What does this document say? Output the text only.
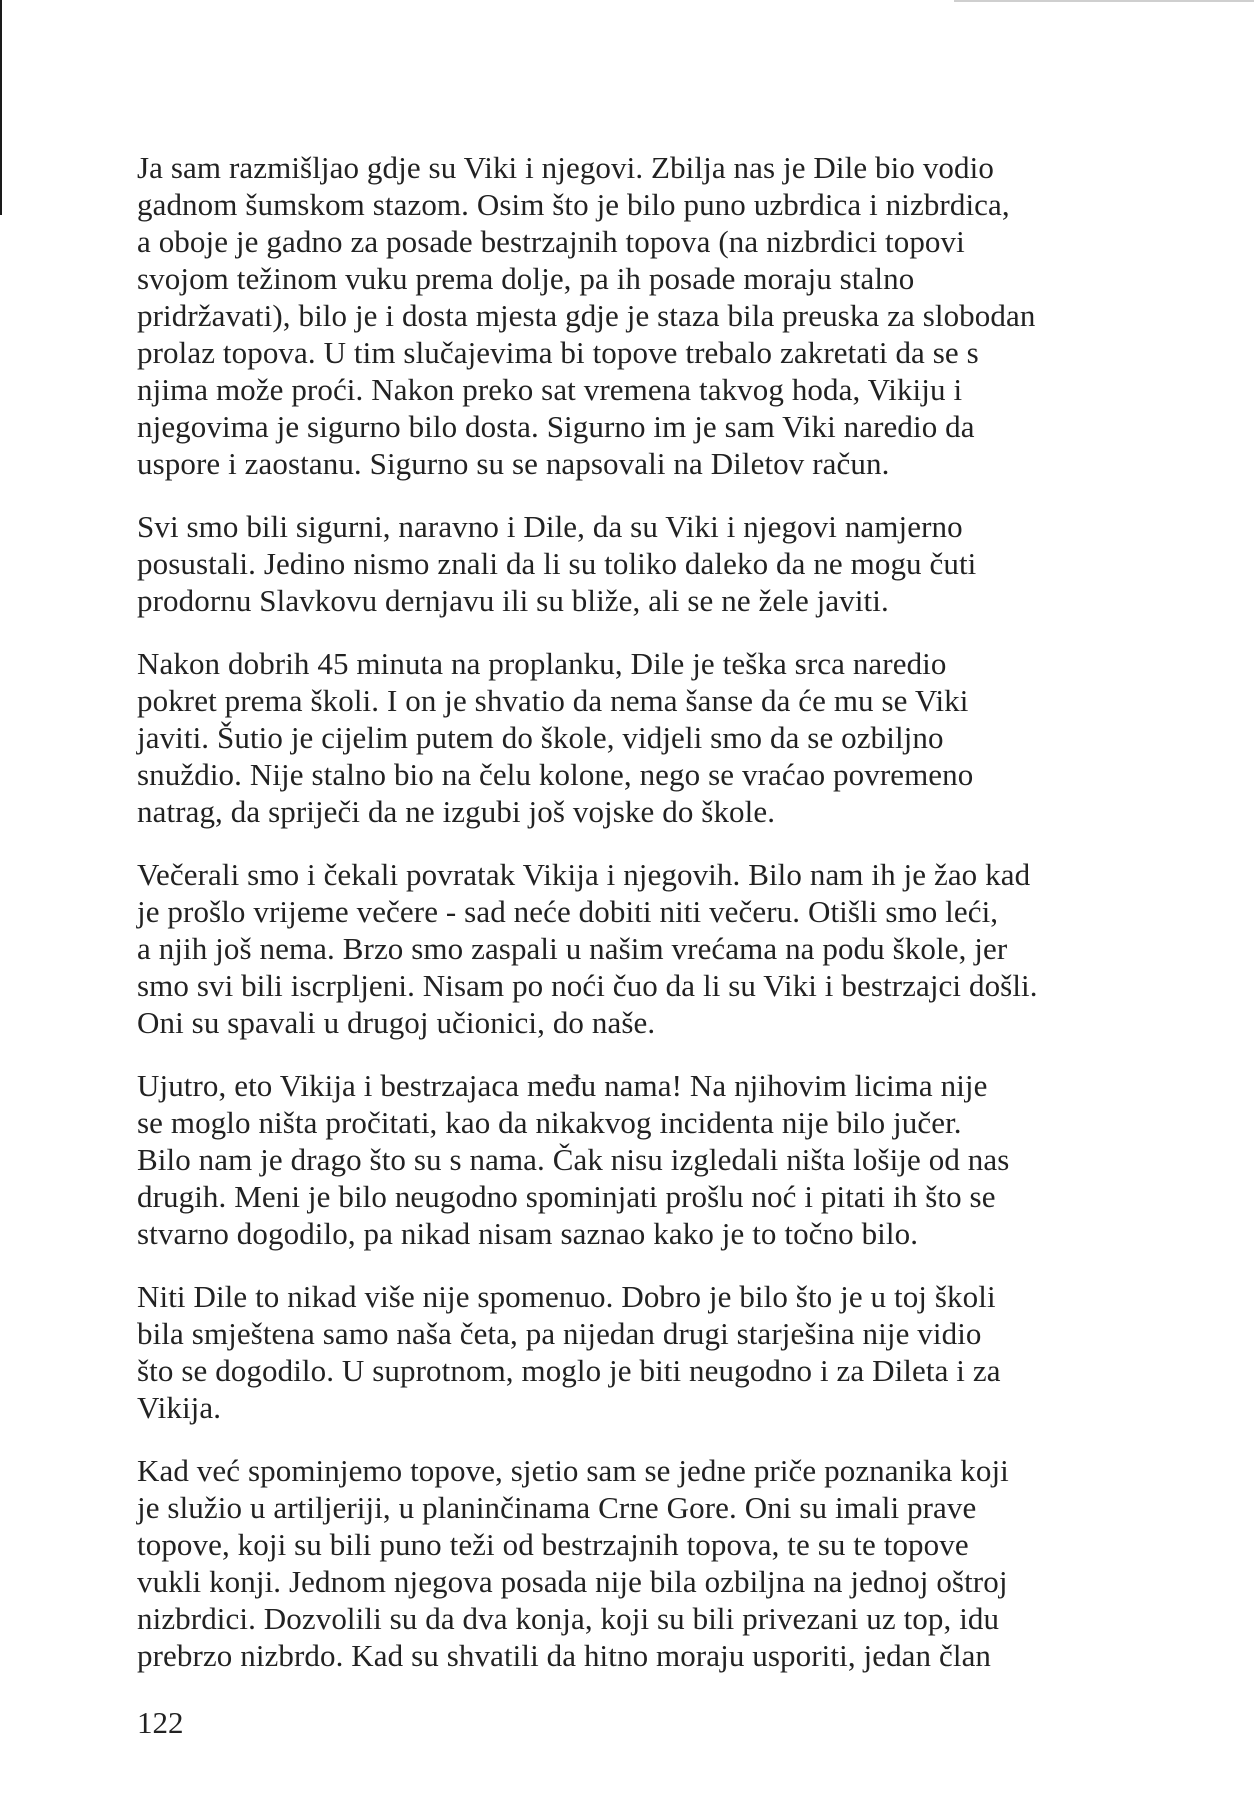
Ja sam razmišljao gdje su Viki i njegovi. Zbilja nas je Dile bio vodio
gadnom šumskom stazom. Osim što je bilo puno uzbrdica i nizbrdica,
a oboje je gadno za posade bestrzajnih topova (na nizbrdici topovi
svojom težinom vuku prema dolje, pa ih posade moraju stalno
pridržavati), bilo je i dosta mjesta gdje je staza bila preuska za slobodan
prolaz topova. U tim slučajevima bi topove trebalo zakretati da se s
njima može proći. Nakon preko sat vremena takvog hoda, Vikiju i
njegovima je sigurno bilo dosta. Sigurno im je sam Viki naredio da
uspore i zaostanu. Sigurno su se napsovali na Diletov račun.

Svi smo bili sigurni, naravno i Dile, da su Viki i njegovi namjerno
posustali. Jedino nismo znali da li su toliko daleko da ne mogu čuti
prodornu Slavkovu dernjavu ili su bliže, ali se ne žele javiti.

Nakon dobrih 45 minuta na proplanku, Dile je teška srca naredio
pokret prema školi. I on je shvatio da nema šanse da će mu se Viki
javiti. Šutio je cijelim putem do škole, vidjeli smo da se ozbiljno
snuždio. Nije stalno bio na čelu kolone, nego se vraćao povremeno
natrag, da spriječi da ne izgubi još vojske do škole.

Večerali smo i čekali povratak Vikija i njegovih. Bilo nam ih je žao kad
je prošlo vrijeme večere - sad neće dobiti niti večeru. Otišli smo leći,
a njih još nema. Brzo smo zaspali u našim vrećama na podu škole, jer
smo svi bili iscrpljeni. Nisam po noći čuo da li su Viki i bestrzajci došli.
Oni su spavali u drugoj učionici, do naše.

Ujutro, eto Vikija i bestrzajaca među nama! Na njihovim licima nije
se moglo ništa pročitati, kao da nikakvog incidenta nije bilo jučer.
Bilo nam je drago što su s nama. Čak nisu izgledali ništa lošije od nas
drugih. Meni je bilo neugodno spominjati prošlu noć i pitati ih što se
stvarno dogodilo, pa nikad nisam saznao kako je to točno bilo.

Niti Dile to nikad više nije spomenuo. Dobro je bilo što je u toj školi
bila smještena samo naša četa, pa nijedan drugi starješina nije vidio
što se dogodilo. U suprotnom, moglo je biti neugodno i za Dileta i za
Vikija.

Kad već spominjemo topove, sjetio sam se jedne priče poznanika koji
je služio u artiljeriji, u planinčinama Crne Gore. Oni su imali prave
topove, koji su bili puno teži od bestrzajnih topova, te su te topove
vukli konji. Jednom njegova posada nije bila ozbiljna na jednoj oštroj
nizbrdici. Dozvolili su da dva konja, koji su bili privezani uz top, idu
prebrzo nizbrdo. Kad su shvatili da hitno moraju usporiti, jedan član

122
